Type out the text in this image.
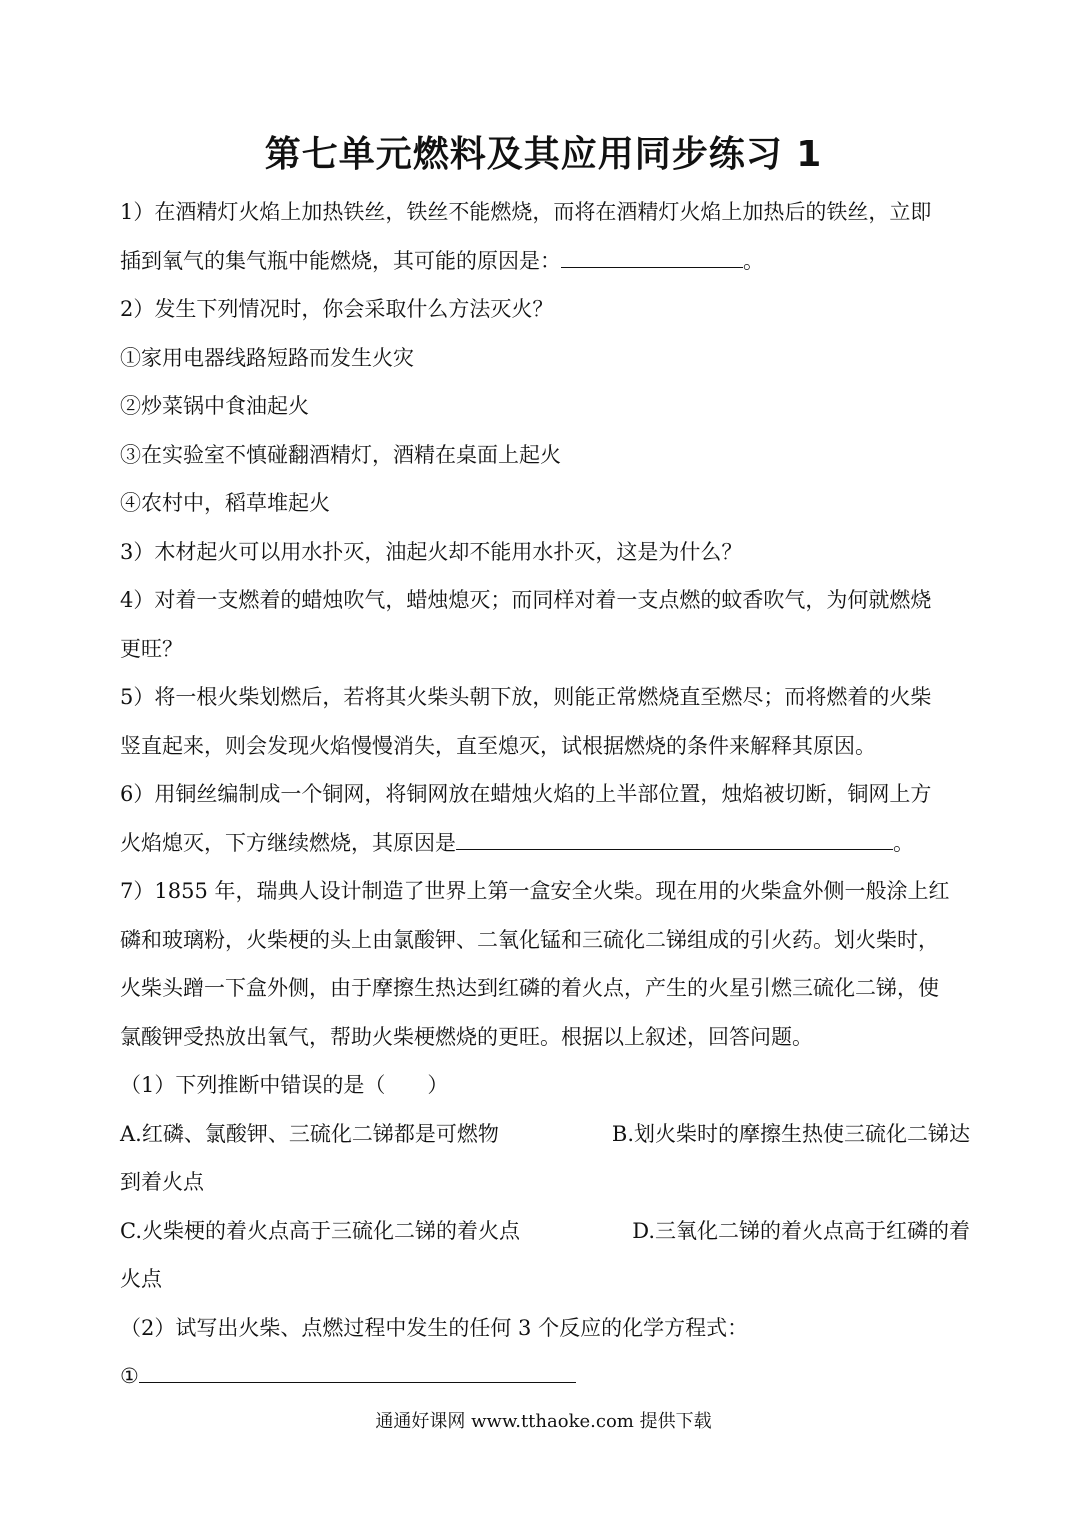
第七单元燃料及其应用同步练习 1

1）在酒精灯火焰上加热铁丝，铁丝不能燃烧，而将在酒精灯火焰上加热后的铁丝，立即

插到氧气的集气瓶中能燃烧，其可能的原因是：	。

2）发生下列情况时，你会采取什么方法灭火？

①家用电器线路短路而发生火灾

②炒菜锅中食油起火

③在实验室不慎碰翻酒精灯，酒精在桌面上起火

④农村中，稻草堆起火

3）木材起火可以用水扑灭，油起火却不能用水扑灭，这是为什么？

4）对着一支燃着的蜡烛吹气，蜡烛熄灭；而同样对着一支点燃的蚊香吹气，为何就燃烧

更旺？

5）将一根火柴划燃后，若将其火柴头朝下放，则能正常燃烧直至燃尽；而将燃着的火柴

竖直起来，则会发现火焰慢慢消失，直至熄灭，试根据燃烧的条件来解释其原因。

6）用铜丝编制成一个铜网，将铜网放在蜡烛火焰的上半部位置，烛焰被切断，铜网上方

火焰熄灭，下方继续燃烧，其原因是	。

7）1855 年，瑞典人设计制造了世界上第一盒安全火柴。现在用的火柴盒外侧一般涂上红

磷和玻璃粉，火柴梗的头上由氯酸钾、二氧化锰和三硫化二锑组成的引火药。划火柴时，

火柴头蹭一下盒外侧，由于摩擦生热达到红磷的着火点，产生的火星引燃三硫化二锑，使

氯酸钾受热放出氧气，帮助火柴梗燃烧的更旺。根据以上叙述，回答问题。

（1）下列推断中错误的是（　　）

A.红磷、氯酸钾、三硫化二锑都是可燃物	B.划火柴时的摩擦生热使三硫化二锑达

到着火点

C.火柴梗的着火点高于三硫化二锑的着火点	D.三氧化二锑的着火点高于红磷的着

火点

（2）试写出火柴、点燃过程中发生的任何 3 个反应的化学方程式：

①

通通好课网 www.tthaoke.com 提供下载
